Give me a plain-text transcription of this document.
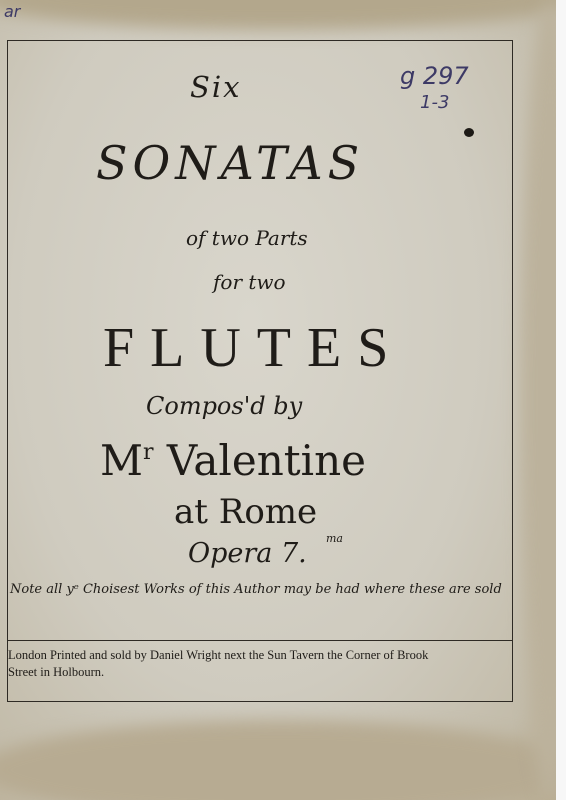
ar
g 297
1-3
Six
SONATAS
of two Parts
for two
FLUTES
Compos'd by
$M^r$ Valentine
at Rome
ma
Opera 7.
Note all yᵉ Choisest Works of this Author may be had where these are sold
London Printed and sold by Daniel Wright next the Sun Tavern the Corner of Brook
Street in Holbourn.
